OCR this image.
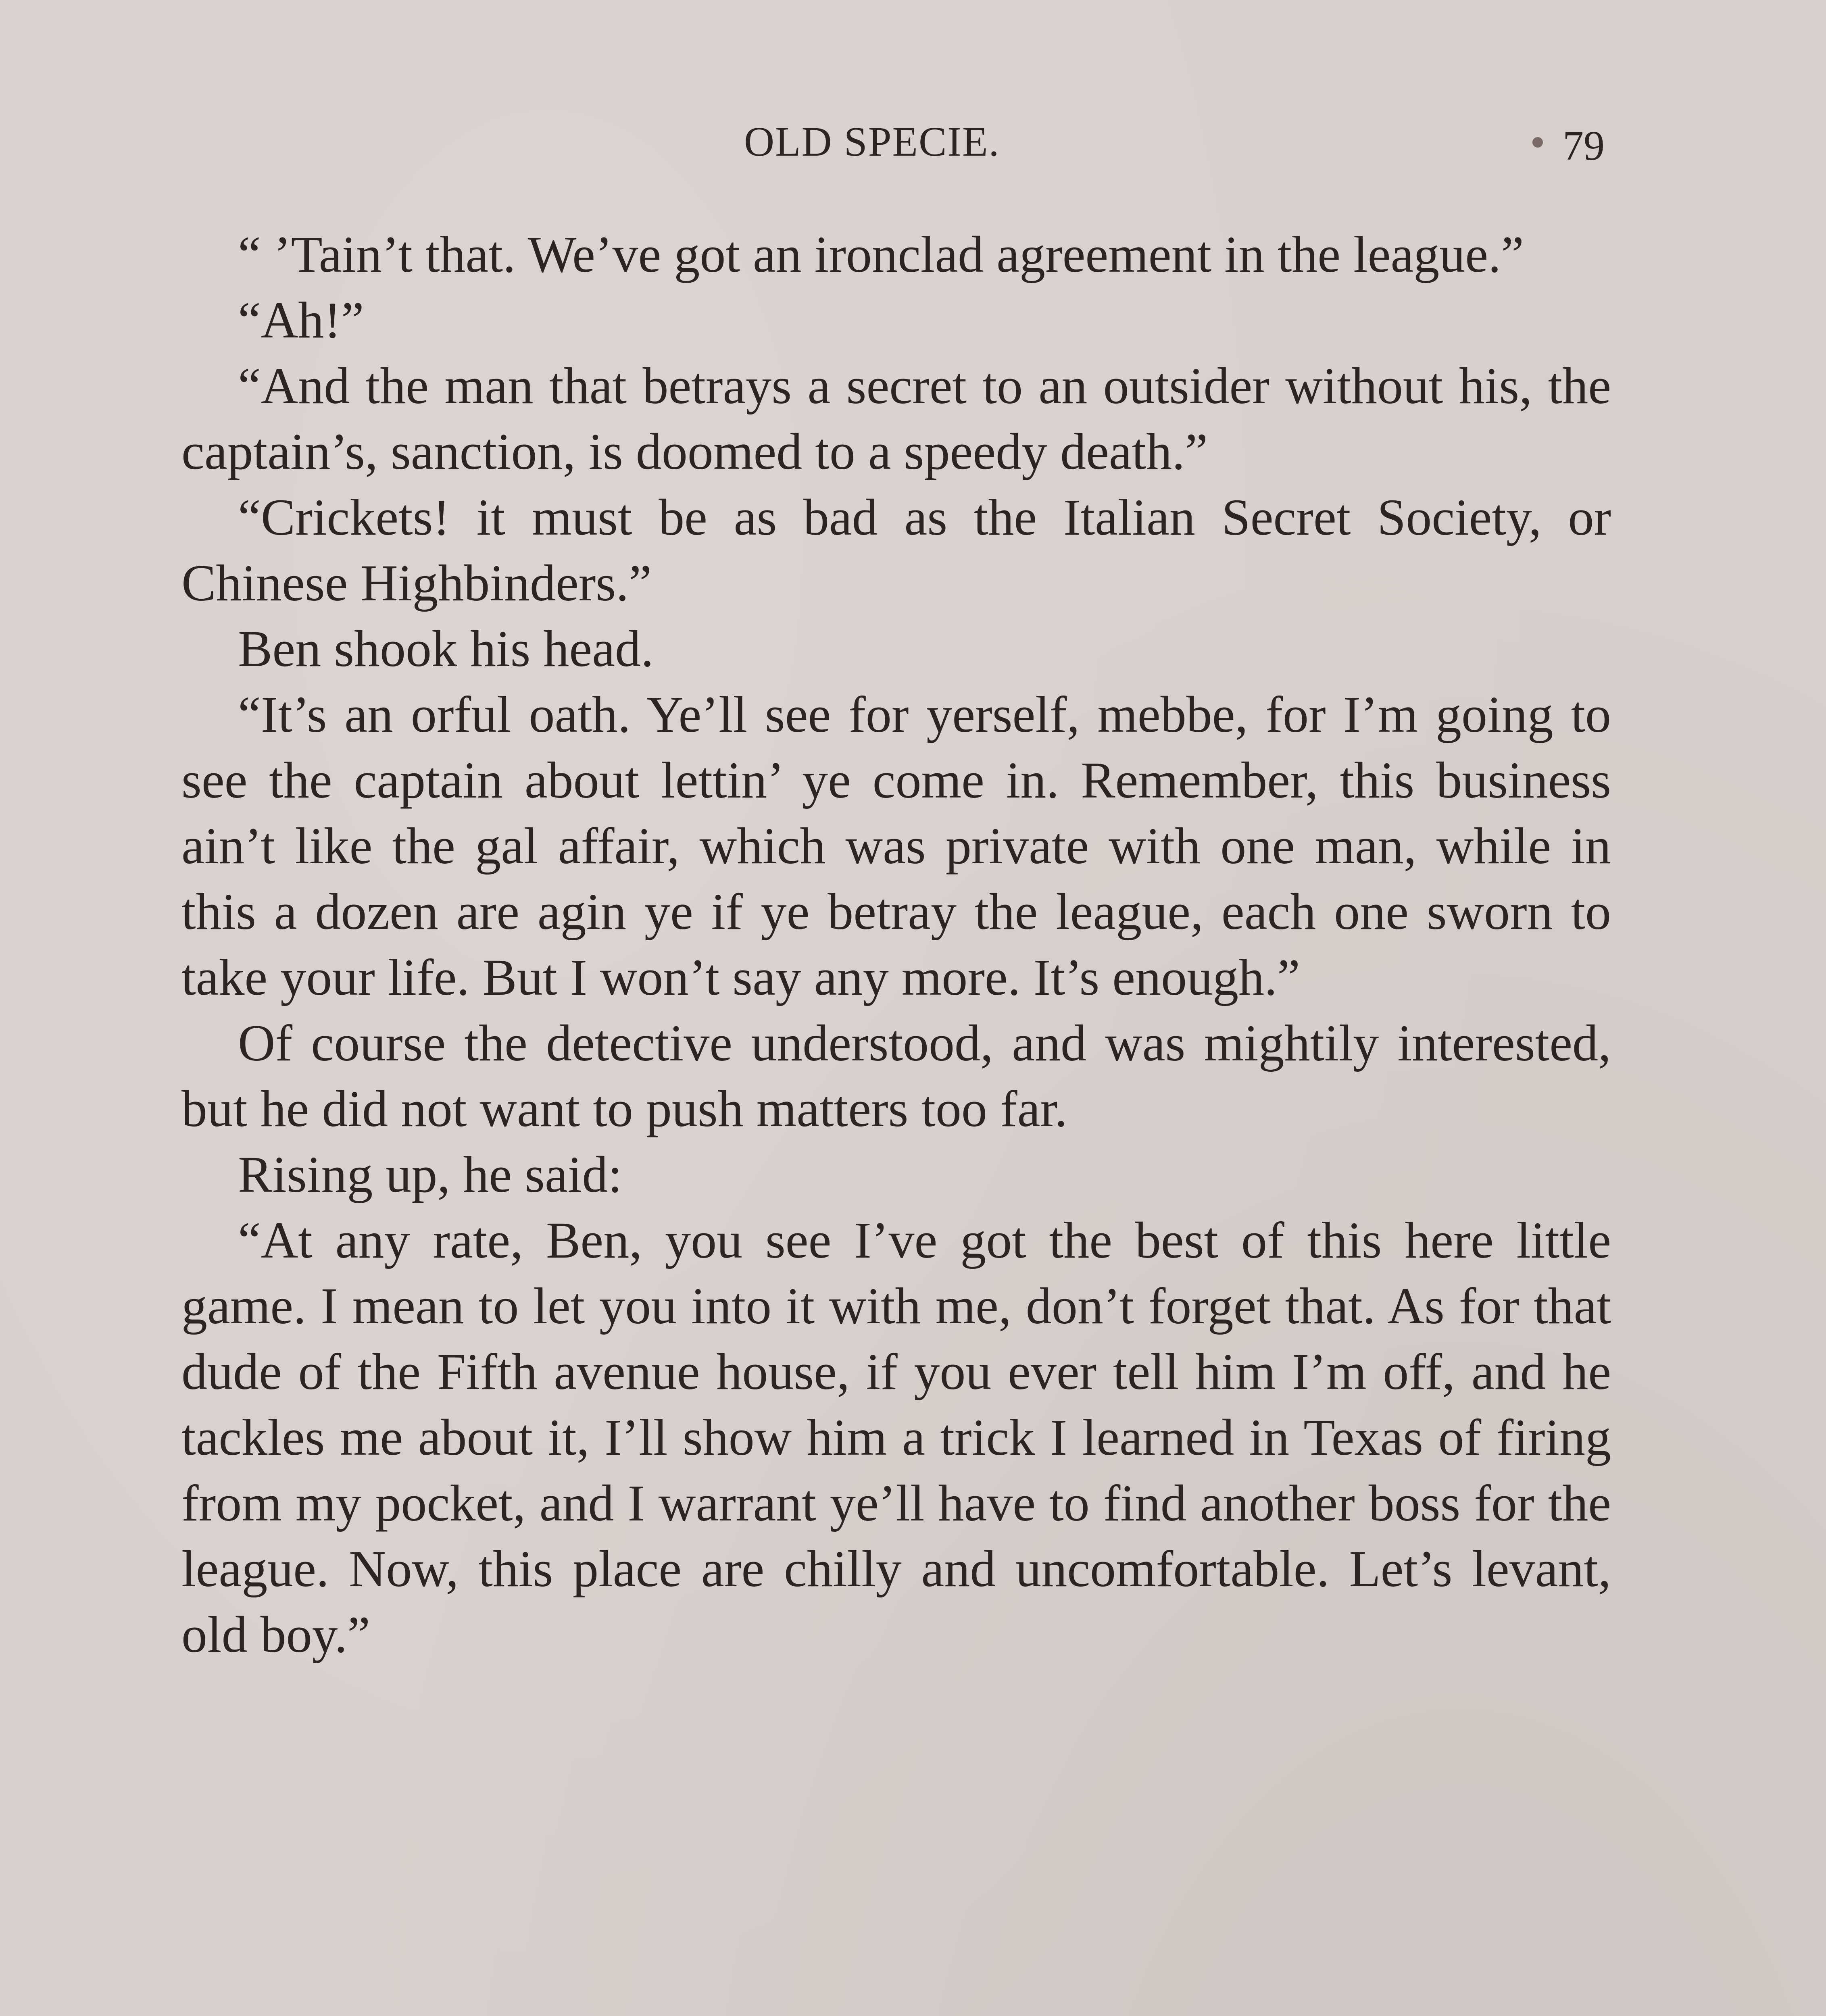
OLD SPECIE.	79

“ ’Tain’t that. We’ve got an ironclad agreement in the league.”

“Ah!”

“And the man that betrays a secret to an outsider without his, the captain’s, sanction, is doomed to a speedy death.”

“Crickets! it must be as bad as the Italian Secret Society, or Chinese Highbinders.”

Ben shook his head.

“It’s an orful oath. Ye’ll see for yerself, mebbe, for I’m going to see the captain about lettin’ ye come in. Remember, this business ain’t like the gal affair, which was private with one man, while in this a dozen are agin ye if ye betray the league, each one sworn to take your life. But I won’t say any more. It’s enough.”

Of course the detective understood, and was mightily interested, but he did not want to push matters too far.

Rising up, he said:

“At any rate, Ben, you see I’ve got the best of this here little game. I mean to let you into it with me, don’t forget that. As for that dude of the Fifth avenue house, if you ever tell him I’m off, and he tackles me about it, I’ll show him a trick I learned in Texas of firing from my pocket, and I warrant ye’ll have to find another boss for the league. Now, this place are chilly and uncomfortable. Let’s levant, old boy.”
